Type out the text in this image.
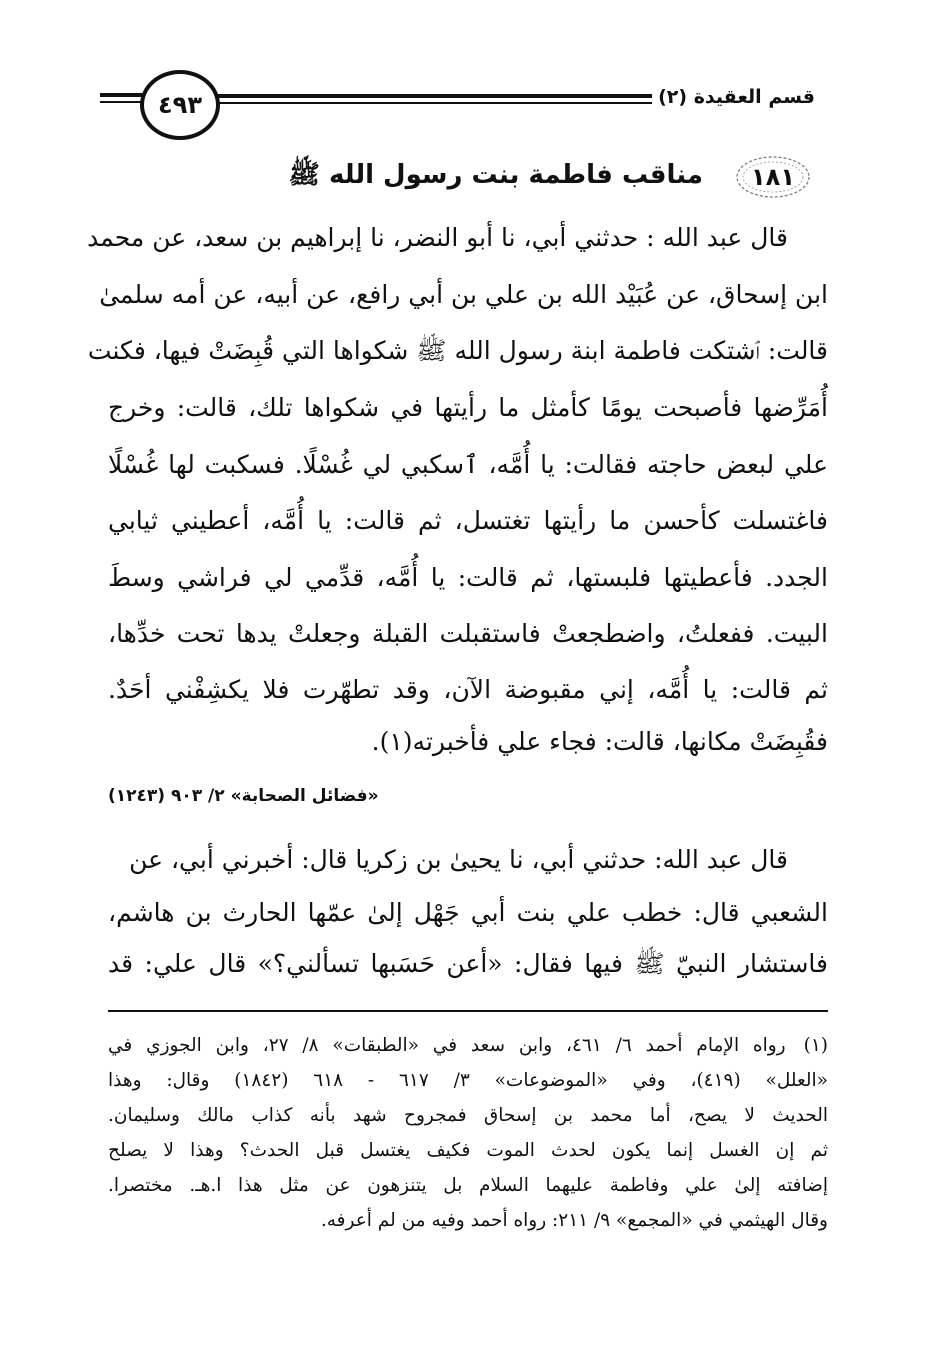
قسم العقيدة (٢)
٤٩٣
١٨١
مناقب فاطمة بنت رسول الله ﷺ
قال عبد الله : حدثني أبي، نا أبو النضر، نا إبراهيم بن سعد، عن محمد
ابن إسحاق، عن عُبَيْد الله بن علي بن أبي رافع، عن أبيه، عن أمه سلمىٰ
قالت: ٱشتكت فاطمة ابنة رسول الله ﷺ شكواها التي قُبِضَتْ فيها، فكنت
أُمَرِّضها فأصبحت يومًا كأمثل ما رأيتها في شكواها تلك، قالت: وخرج
علي لبعض حاجته فقالت: يا أُمَّه، ٱسكبي لي غُسْلًا. فسكبت لها غُسْلًا
فاغتسلت كأحسن ما رأيتها تغتسل، ثم قالت: يا أُمَّه، أعطيني ثيابي
الجدد. فأعطيتها فلبستها، ثم قالت: يا أُمَّه، قدِّمي لي فراشي وسطَ
البيت. ففعلتُ، واضطجعتْ فاستقبلت القبلة وجعلتْ يدها تحت خدِّها،
ثم قالت: يا أُمَّه، إني مقبوضة الآن، وقد تطهّرت فلا يكشِفْني أحَدٌ.
فقُبِضَتْ مكانها، قالت: فجاء علي فأخبرته(١).
«فضائل الصحابة» ٢/ ٩٠٣ (١٢٤٣)
قال عبد الله: حدثني أبي، نا يحيىٰ بن زكريا قال: أخبرني أبي، عن
الشعبي قال: خطب علي بنت أبي جَهْل إلىٰ عمّها الحارث بن هاشم،
فاستشار النبيّ ﷺ فيها فقال: «أعن حَسَبها تسألني؟» قال علي: قد
(١)رواه الإمام أحمد ٦/ ٤٦١، وابن سعد في «الطبقات» ٨/ ٢٧، وابن الجوزي في
«العلل» (٤١٩)، وفي «الموضوعات» ٣/ ٦١٧ - ٦١٨ (١٨٤٢) وقال: وهذا
الحديث لا يصح، أما محمد بن إسحاق فمجروح شهد بأنه كذاب مالك وسليمان.
ثم إن الغسل إنما يكون لحدث الموت فكيف يغتسل قبل الحدث؟ وهذا لا يصلح
إضافته إلىٰ علي وفاطمة عليهما السلام بل يتنزهون عن مثل هذا ا.هـ. مختصرا.
وقال الهيثمي في «المجمع» ٩/ ٢١١: رواه أحمد وفيه من لم أعرفه.
